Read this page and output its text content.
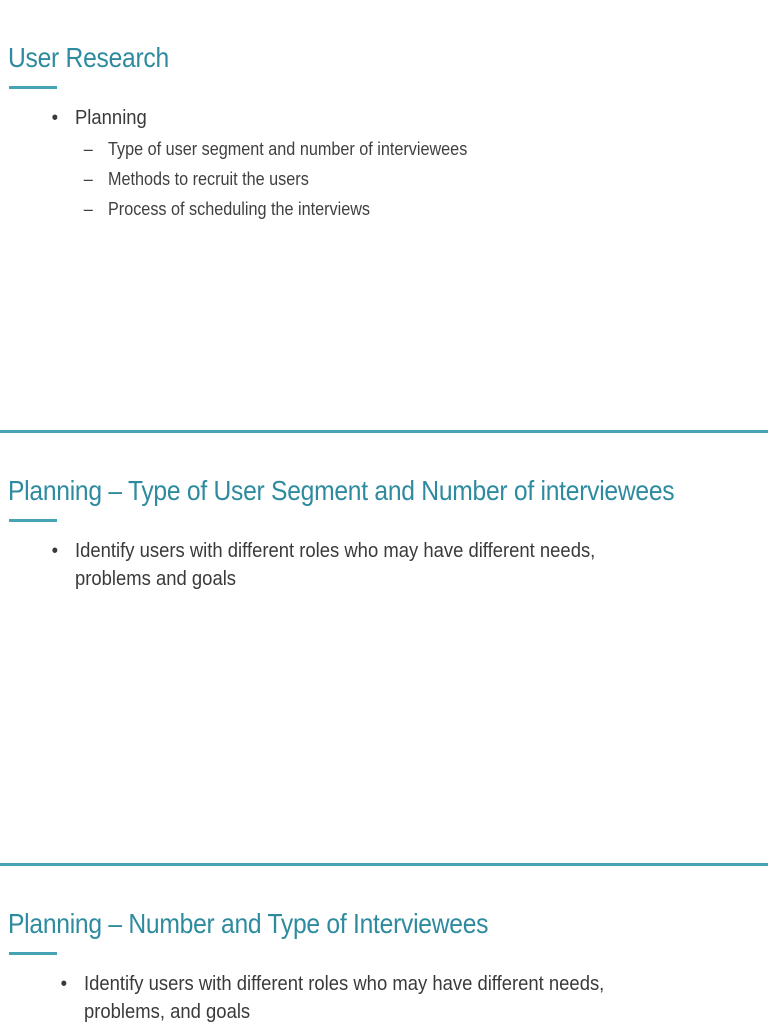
User Research
• Planning
– Type of user segment and number of interviewees
– Methods to recruit the users
– Process of scheduling the interviews
Planning – Type of User Segment and Number of interviewees
• Identify users with different roles who may have different needs,
problems and goals
Planning – Number and Type of Interviewees
• Identify users with different roles who may have different needs,
problems, and goals
